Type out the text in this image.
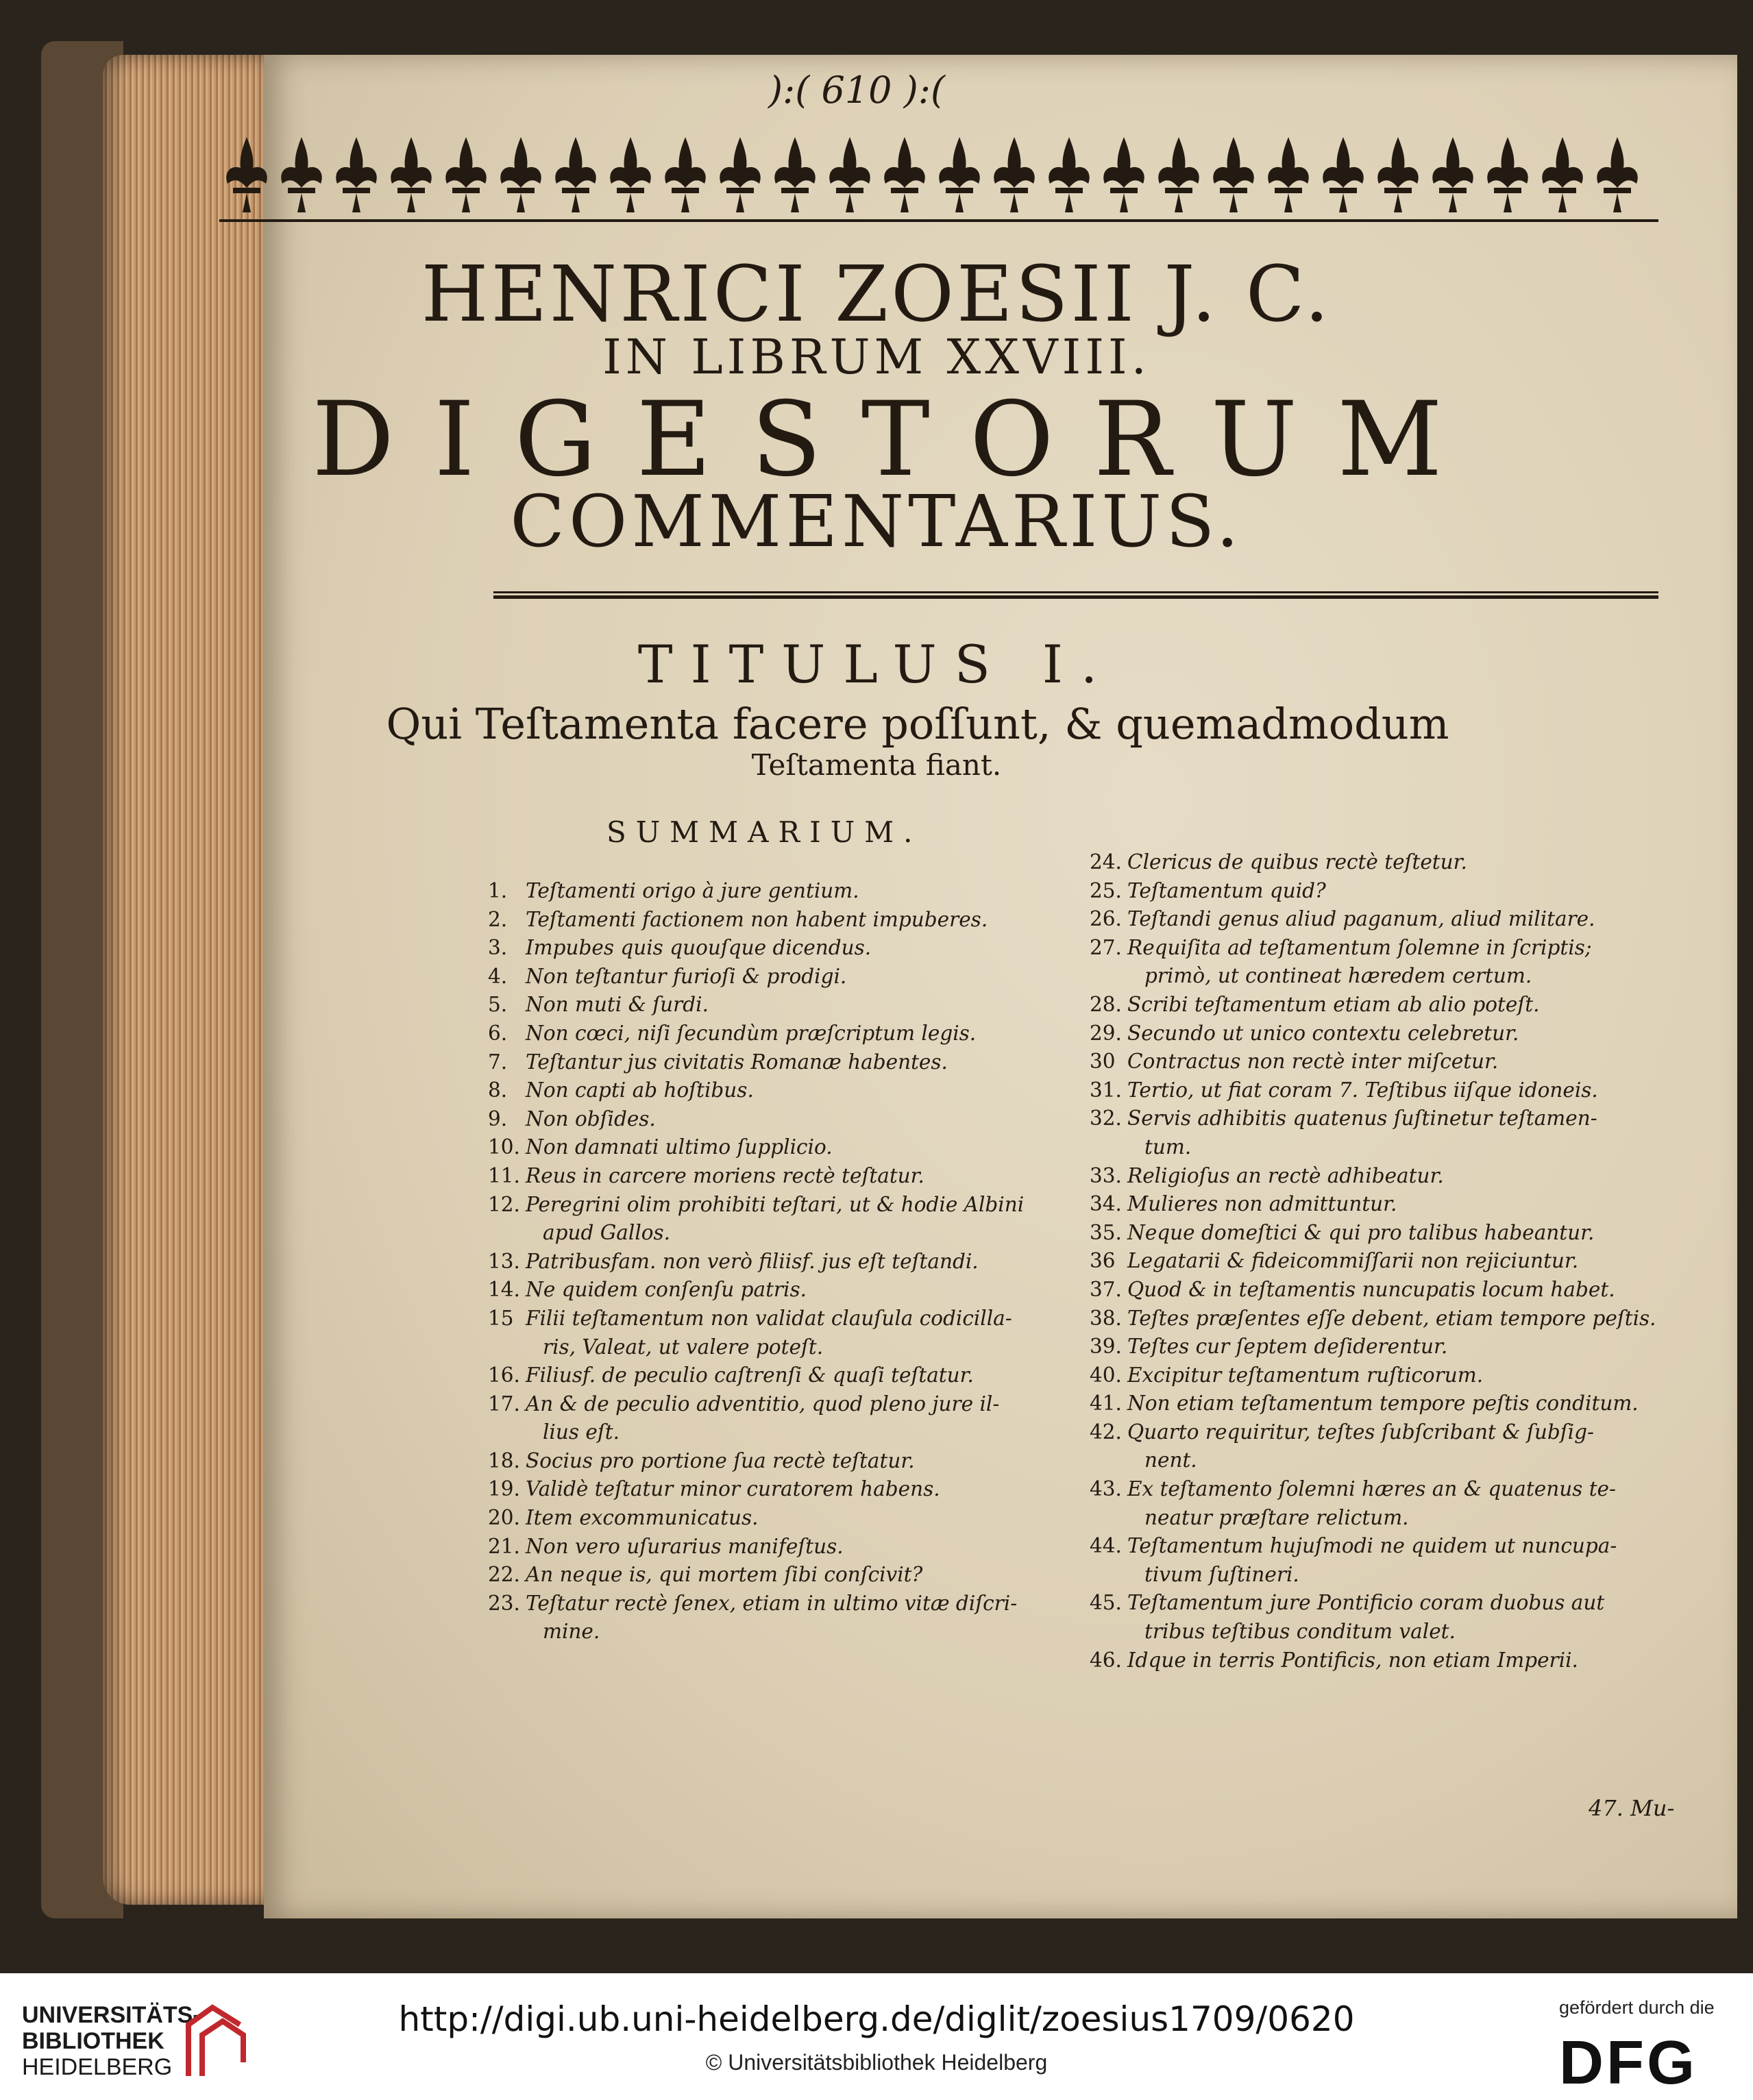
):( 610 ):(
HENRICI ZOESII J. C.
IN LIBRUM XXVIII.
DIGESTORUM
COMMENTARIUS.
TITULUS I.
Qui Teſtamenta facere poſſunt, & quemadmodum
Teſtamenta fiant.
SUMMARIUM.
1. Teſtamenti origo à jure gentium.
2. Teſtamenti factionem non habent impuberes.
3. Impubes quis quouſque dicendus.
4. Non teſtantur furioſi & prodigi.
5. Non muti & ſurdi.
6. Non cœci, niſi ſecundùm præſcriptum legis.
7. Teſtantur jus civitatis Romanæ habentes.
8. Non capti ab hoſtibus.
9. Non obſides.
10. Non damnati ultimo ſupplicio.
11. Reus in carcere moriens rectè teſtatur.
12. Peregrini olim prohibiti teſtari, ut & hodie Albini
apud Gallos.
13. Patribusfam. non verò filiisf. jus eſt teſtandi.
14. Ne quidem conſenſu patris.
15 Filii teſtamentum non validat clauſula codicilla-
ris, Valeat, ut valere poteſt.
16. Filiusf. de peculio caſtrenſi & quaſi teſtatur.
17. An & de peculio adventitio, quod pleno jure il-
lius eſt.
18. Socius pro portione ſua rectè teſtatur.
19. Validè teſtatur minor curatorem habens.
20. Item excommunicatus.
21. Non vero uſurarius manifeſtus.
22. An neque is, qui mortem ſibi conſcivit?
23. Teſtatur rectè ſenex, etiam in ultimo vitæ diſcri-
mine.
24. Clericus de quibus rectè teſtetur.
25. Teſtamentum quid?
26. Teſtandi genus aliud paganum, aliud militare.
27. Requiſita ad teſtamentum ſolemne in ſcriptis;
primò, ut contineat hæredem certum.
28. Scribi teſtamentum etiam ab alio poteſt.
29. Secundo ut unico contextu celebretur.
30 Contractus non rectè inter miſcetur.
31. Tertio, ut fiat coram 7. Teſtibus iiſque idoneis.
32. Servis adhibitis quatenus ſuſtinetur teſtamen-
tum.
33. Religioſus an rectè adhibeatur.
34. Mulieres non admittuntur.
35. Neque domeſtici & qui pro talibus habeantur.
36 Legatarii & fideicommiſſarii non rejiciuntur.
37. Quod & in teſtamentis nuncupatis locum habet.
38. Teſtes præſentes eſſe debent, etiam tempore peſtis.
39. Teſtes cur ſeptem deſiderentur.
40. Excipitur teſtamentum ruſticorum.
41. Non etiam teſtamentum tempore peſtis conditum.
42. Quarto requiritur, teſtes ſubſcribant & ſubſig-
nent.
43. Ex teſtamento ſolemni hæres an & quatenus te-
neatur præſtare relictum.
44. Teſtamentum hujuſmodi ne quidem ut nuncupa-
tivum ſuſtineri.
45. Teſtamentum jure Pontificio coram duobus aut
tribus teſtibus conditum valet.
46. Idque in terris Pontificis, non etiam Imperii.
47. Mu-
UNIVERSITÄTS-
BIBLIOTHEK
HEIDELBERG
http://digi.ub.uni-heidelberg.de/diglit/zoesius1709/0620
© Universitätsbibliothek Heidelberg
gefördert durch die
DFG
